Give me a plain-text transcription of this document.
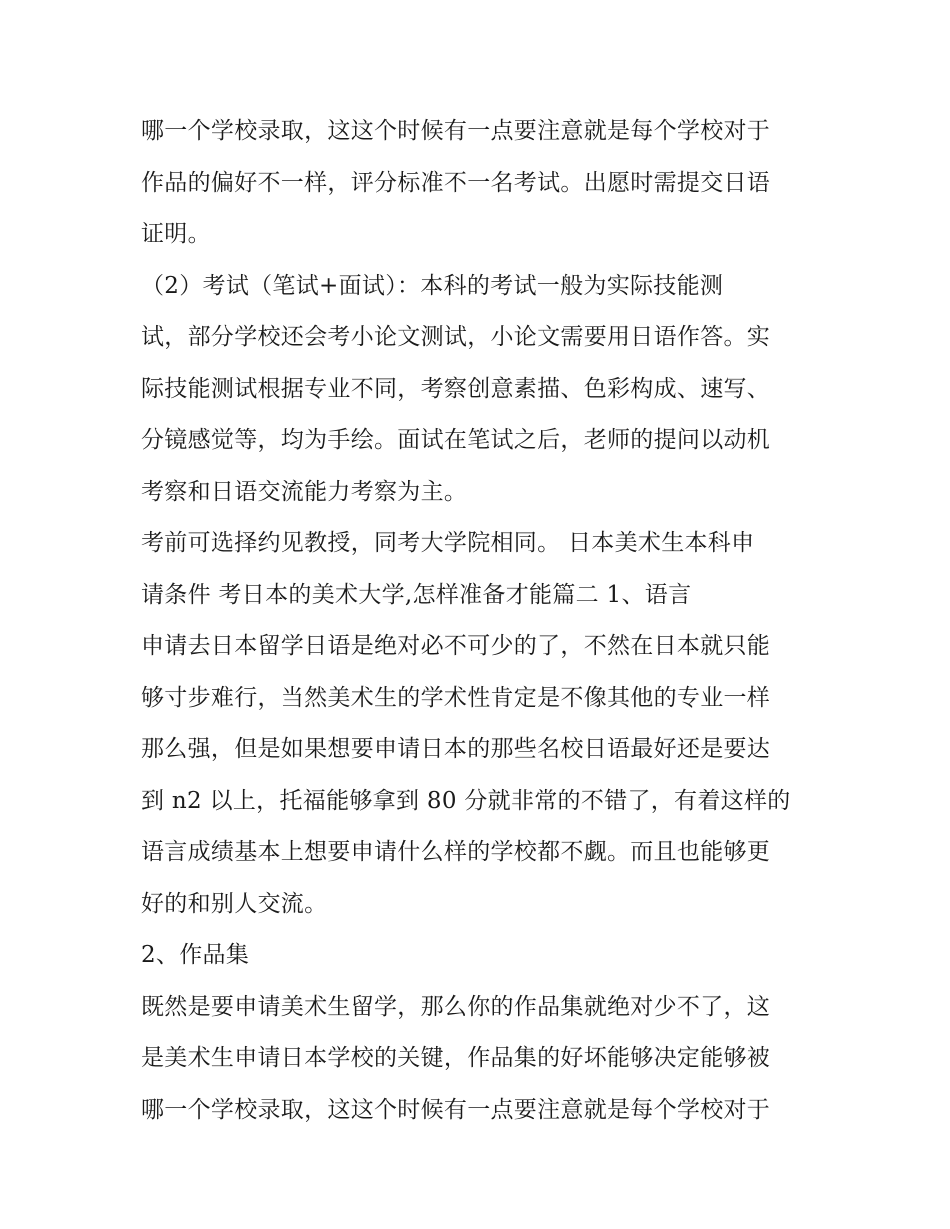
哪一个学校录取，这这个时候有一点要注意就是每个学校对于
作品的偏好不一样，评分标准不一名考试。出愿时需提交日语
证明。
（2）考试（笔试+面试）：本科的考试一般为实际技能测
试，部分学校还会考小论文测试，小论文需要用日语作答。实
际技能测试根据专业不同，考察创意素描、色彩构成、速写、
分镜感觉等，均为手绘。面试在笔试之后，老师的提问以动机
考察和日语交流能力考察为主。
考前可选择约见教授，同考大学院相同。 日本美术生本科申
请条件 考日本的美术大学,怎样准备才能篇二 1、语言
申请去日本留学日语是绝对必不可少的了，不然在日本就只能
够寸步难行，当然美术生的学术性肯定是不像其他的专业一样
那么强，但是如果想要申请日本的那些名校日语最好还是要达
到 n2 以上，托福能够拿到 80 分就非常的不错了，有着这样的
语言成绩基本上想要申请什么样的学校都不觑。而且也能够更
好的和别人交流。
2、作品集
既然是要申请美术生留学，那么你的作品集就绝对少不了，这
是美术生申请日本学校的关键，作品集的好坏能够决定能够被
哪一个学校录取，这这个时候有一点要注意就是每个学校对于
